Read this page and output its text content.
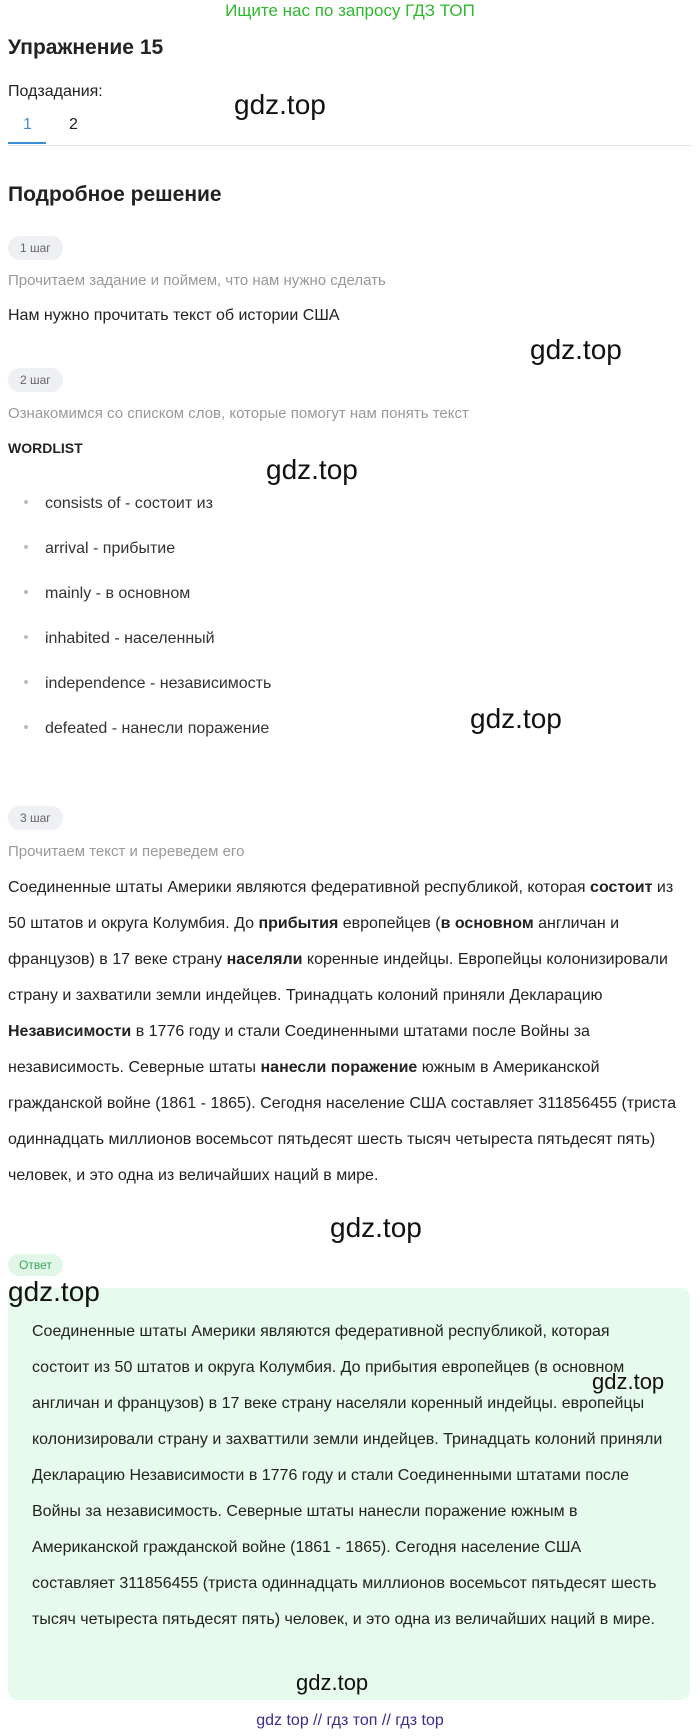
Ищите нас по запросу ГДЗ ТОП
Упражнение 15
Подзадания:
1 2
Подробное решение
1 шаг
Прочитаем задание и поймем, что нам нужно сделать
Нам нужно прочитать текст об истории США
2 шаг
Ознакомимся со списком слов, которые помогут нам понять текст
WORDLIST
consists of - состоит из
arrival - прибытие
mainly - в основном
inhabited - населенный
independence - независимость
defeated - нанесли поражение
3 шаг
Прочитаем текст и переведем его
Соединенные штаты Америки являются федеративной республикой, которая состоит из 50 штатов и округа Колумбия. До прибытия европейцев (в основном англичан и французов) в 17 веке страну населяли коренные индейцы. Европейцы колонизировали страну и захватили земли индейцев. Тринадцать колоний приняли Декларацию Независимости в 1776 году и стали Соединенными штатами после Войны за независимость. Северные штаты нанесли поражение южным в Американской гражданской войне (1861 - 1865). Сегодня население США составляет 311856455 (триста одиннадцать миллионов восемьсот пятьдесят шесть тысяч четыреста пятьдесят пять) человек, и это одна из величайших наций в мире.
Ответ
Соединенные штаты Америки являются федеративной республикой, которая состоит из 50 штатов и округа Колумбия. До прибытия европейцев (в основном англичан и французов) в 17 веке страну населяли коренный индейцы. европейцы колонизировали страну и захваттили земли индейцев. Тринадцать колоний приняли Декларацию Независимости в 1776 году и стали Соединенными штатами после Войны за независимость. Северные штаты нанесли поражение южным в Американской гражданской войне (1861 - 1865). Сегодня население США составляет 311856455 (триста одиннадцать миллионов восемьсот пятьдесят шесть тысяч четыреста пятьдесят пять) человек, и это одна из величайших наций в мире.
gdz.top
gdz.top
gdz.top
gdz.top
gdz.top
gdz.top
gdz.top
gdz.top
gdz top // гдз топ // гдз top
